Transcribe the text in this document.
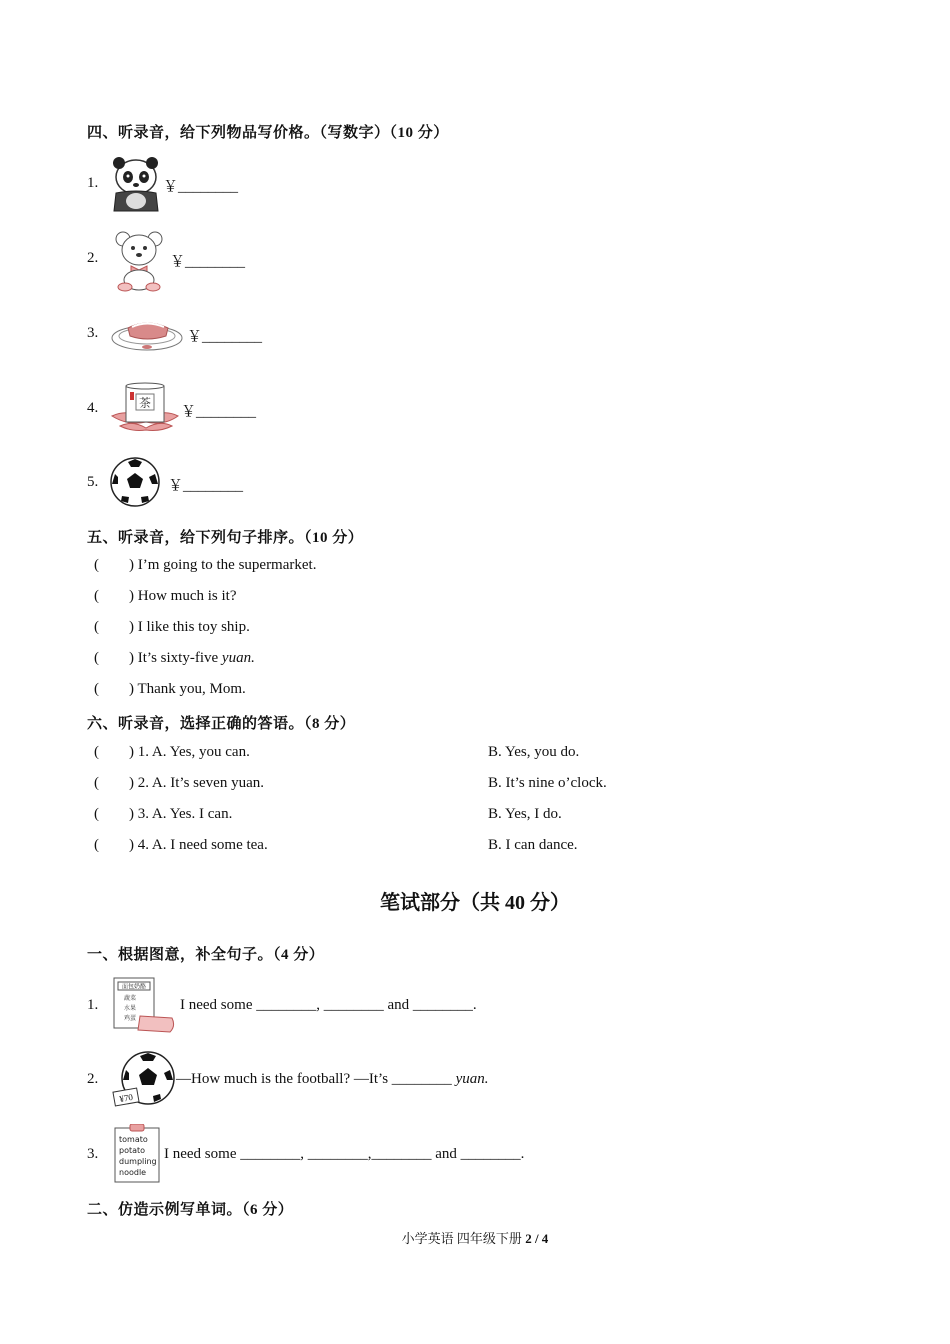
四、听录音，给下列物品写价格。（写数字）（10 分）
1.	￥________
2.	￥________
3.	￥________
4.	茶
￥________
5.	￥________
五、听录音，给下列句子排序。（10 分）
(        ) I’m going to the supermarket.
(        ) How much is it?
(        ) I like this toy ship.
(        ) It’s sixty-five yuan.
(        ) Thank you, Mom.
六、听录音，选择正确的答语。（8 分）
(        ) 1. A. Yes, you can.	B. Yes, you do.
(        ) 2. A. It’s seven yuan.	B. It’s nine o’clock.
(        ) 3. A. Yes. I can.	B. Yes, I do.
(        ) 4. A. I need some tea.	B. I can dance.
笔试部分（共 40 分）
一、根据图意，补全句子。（4 分）
1.
面包奶酪
蔬菜
水果
鸡蛋
I need some ________, ________ and ________.
2.
¥70
—How much is the football? —It’s ________ yuan.
3.
tomato
potato
dumpling
noodle
I need some ________, ________,________ and ________.
二、仿造示例写单词。（6 分）
小学英语 四年级下册 2 / 4
